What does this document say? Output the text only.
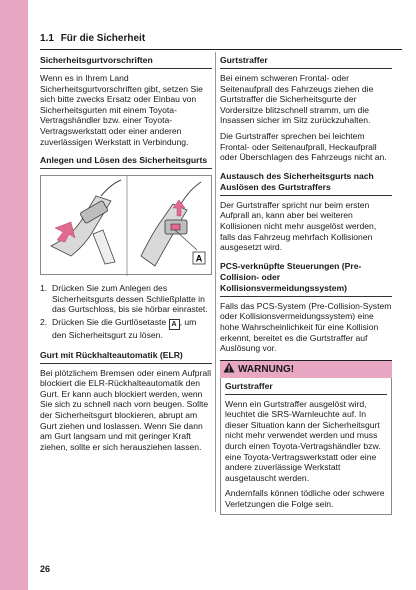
1.1 Für die Sicherheit
Sicherheitsgurtvorschriften

Wenn es in Ihrem Land Sicherheitsgurtvorschriften gibt, setzen Sie sich bitte zwecks Ersatz oder Einbau von Sicherheitsgurten mit einem Toyota-Vertragshändler bzw. einer Toyota-Vertragswerkstatt oder einer anderen zuverlässigen Werkstatt in Verbindung.

Anlegen und Lösen des Sicherheitsgurts
A
1. Drücken Sie zum Anlegen des Sicherheitsgurts dessen Schließplatte in das Gurtschloss, bis sie hörbar einrastet.
2. Drücken Sie die Gurtlösetaste A , um den Sicherheitsgurt zu lösen.
Gurt mit Rückhalteautomatik (ELR)

Bei plötzlichem Bremsen oder einem Aufprall blockiert die ELR-Rückhalteautomatik den Gurt. Er kann auch blockiert werden, wenn Sie sich zu schnell nach vorn beugen. Sollte der Sicherheitsgurt blockieren, abrupt am Gurt ziehen und loslassen. Wenn Sie dann am Gurt langsam und mit geringer Kraft ziehen, sollte er sich herausziehen lassen.

Gurtstraffer

Bei einem schweren Frontal- oder Seitenaufprall des Fahrzeugs ziehen die Gurtstraffer die Sicherheitsgurte der Vordersitze blitzschnell stramm, um die Insassen sicher im Sitz zurückzuhalten.

Die Gurtstraffer sprechen bei leichtem Frontal- oder Seitenaufprall, Heckaufprall oder Überschlagen des Fahrzeugs nicht an.

Austausch des Sicherheitsgurts nach Auslösen des Gurtstraffers

Der Gurtstraffer spricht nur beim ersten Aufprall an, kann aber bei weiteren Kollisionen nicht mehr ausgelöst werden, falls das Fahrzeug mehrfach Kollisionen ausgesetzt wird.

PCS-verknüpfte Steuerungen (Pre-Collision- oder Kollisionsvermeidungssystem)

Falls das PCS-System (Pre-Collision-System oder Kollisionsvermeidungssystem) eine hohe Wahrscheinlichkeit für eine Kollision erkennt, bereitet es die Gurtstraffer auf Auslösung vor.

WARNUNG!
Gurtstraffer

Wenn ein Gurtstraffer ausgelöst wird, leuchtet die SRS-Warnleuchte auf. In dieser Situation kann der Sicherheitsgurt nicht mehr verwendet werden und muss durch einen Toyota-Vertragshändler bzw. eine Toyota-Vertragswerkstatt oder eine andere zuverlässige Werkstatt ausgetauscht werden.

Andernfalls können tödliche oder schwere Verletzungen die Folge sein.

26
